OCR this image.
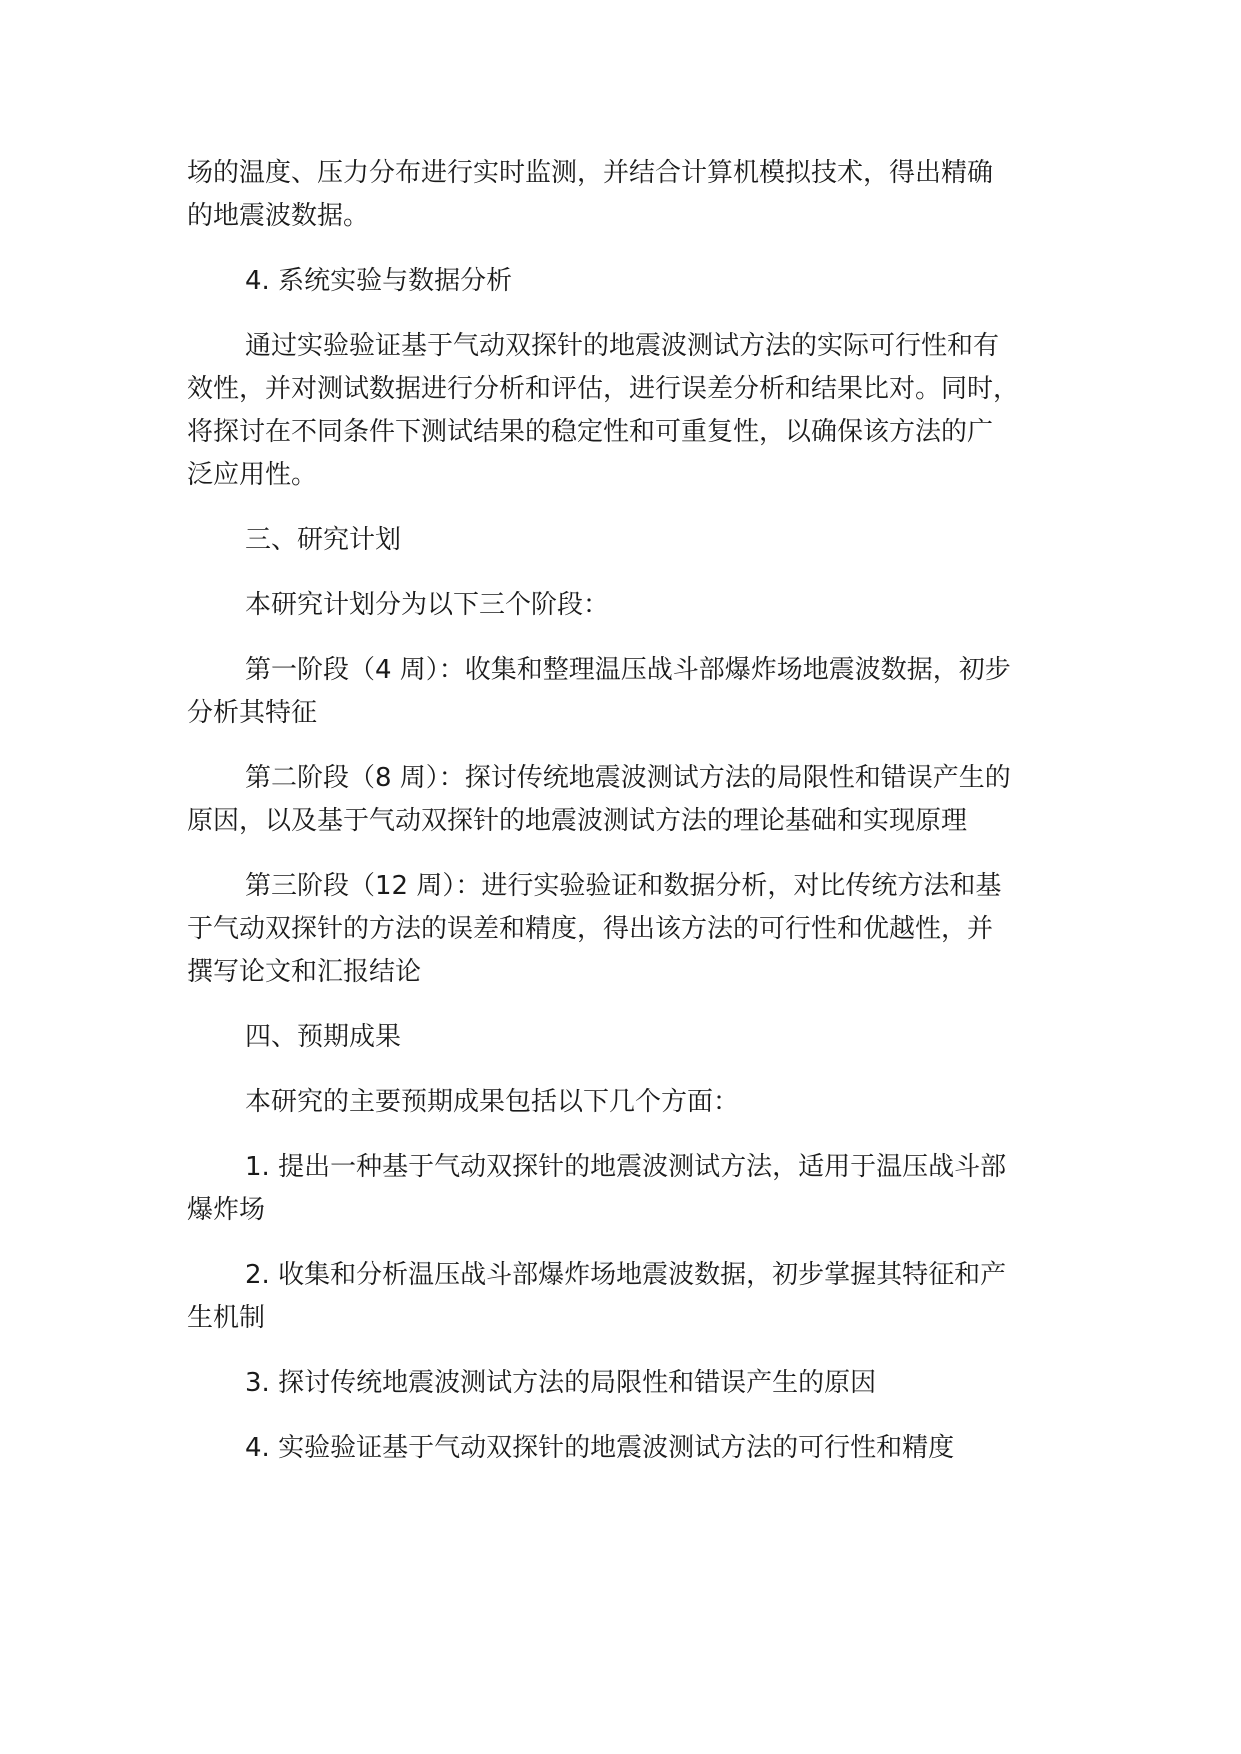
场的温度、压力分布进行实时监测，并结合计算机模拟技术，得出精确
的地震波数据。
4. 系统实验与数据分析
通过实验验证基于气动双探针的地震波测试方法的实际可行性和有
效性，并对测试数据进行分析和评估，进行误差分析和结果比对。同时，
将探讨在不同条件下测试结果的稳定性和可重复性，以确保该方法的广
泛应用性。
三、研究计划
本研究计划分为以下三个阶段：
第一阶段（4 周）：收集和整理温压战斗部爆炸场地震波数据，初步
分析其特征
第二阶段（8 周）：探讨传统地震波测试方法的局限性和错误产生的
原因，以及基于气动双探针的地震波测试方法的理论基础和实现原理
第三阶段（12 周）：进行实验验证和数据分析，对比传统方法和基
于气动双探针的方法的误差和精度，得出该方法的可行性和优越性，并
撰写论文和汇报结论
四、预期成果
本研究的主要预期成果包括以下几个方面：
1. 提出一种基于气动双探针的地震波测试方法，适用于温压战斗部
爆炸场
2. 收集和分析温压战斗部爆炸场地震波数据，初步掌握其特征和产
生机制
3. 探讨传统地震波测试方法的局限性和错误产生的原因
4. 实验验证基于气动双探针的地震波测试方法的可行性和精度
